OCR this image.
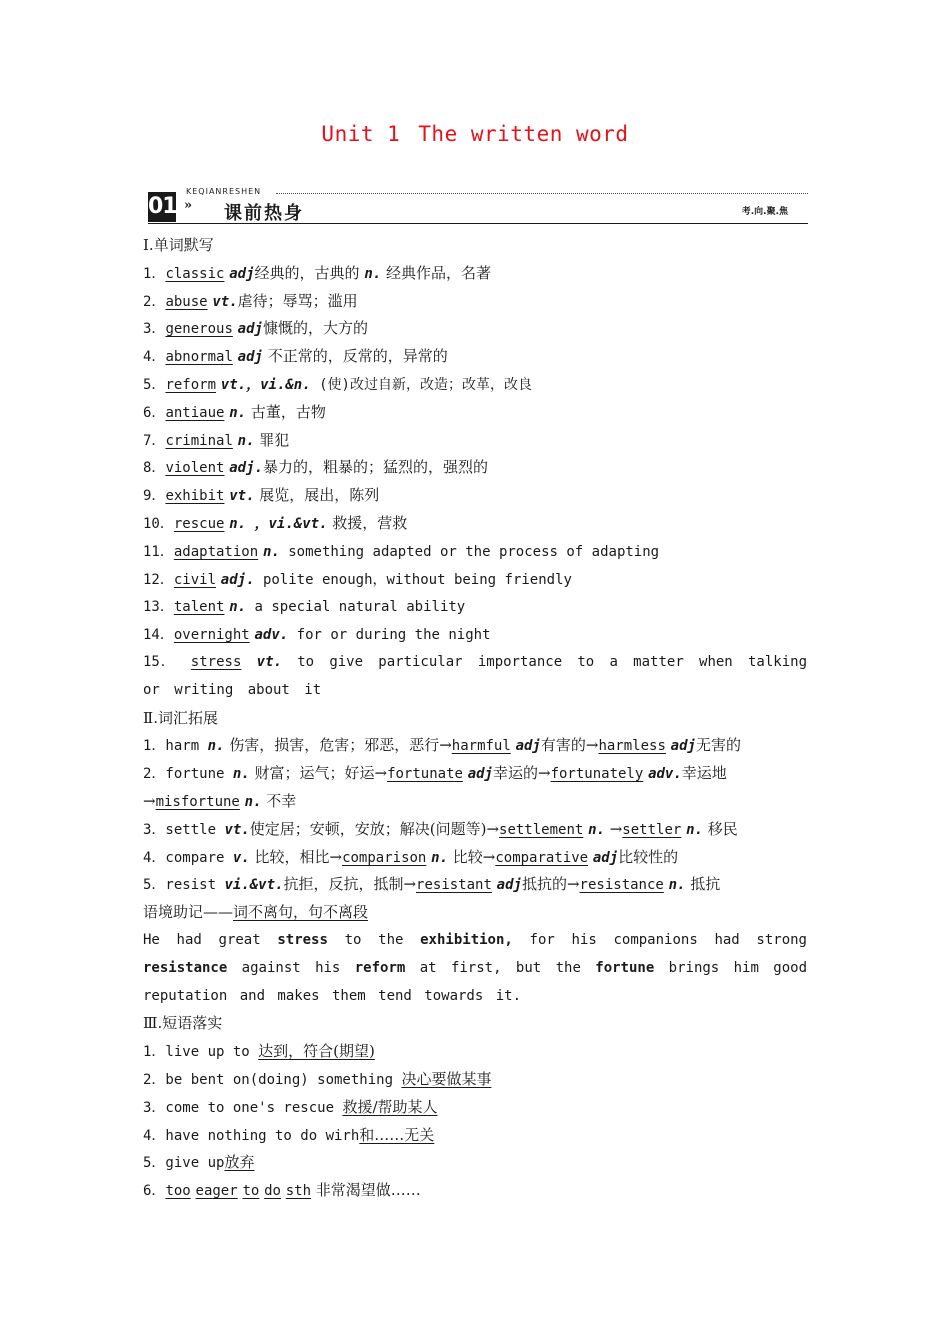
Unit 1 The written word
01
KEQIANRESHEN
» 课前热身	考.向.聚.焦
Ⅰ.单词默写
1．classic adj经典的，古典的 n. 经典作品，名著
2．abuse vt.虐待；辱骂；滥用
3．generous adj慷慨的，大方的
4．abnormal adj 不正常的，反常的，异常的
5．reform vt.，vi.&n. (使)改过自新，改造；改革，改良
6．antiaue n. 古董，古物
7．criminal n. 罪犯
8．violent adj.暴力的，粗暴的；猛烈的，强烈的
9．exhibit vt. 展览，展出，陈列
10．rescue n. ，vi.&vt. 救援，营救
11．adaptation n. something adapted or the process of adapting
12．civil adj. polite enough，without being friendly
13．talent n. a special natural ability
14．overnight adv. for or during the night
15． stress vt. to give particular importance to a matter when talking or writing about it
Ⅱ.词汇拓展
1．harm n. 伤害，损害，危害；邪恶，恶行→harmful adj有害的→harmless adj无害的
2．fortune n. 财富；运气；好运→fortunate adj幸运的→fortunately adv.幸运地
→misfortune n. 不幸
3．settle vt.使定居；安顿，安放；解决(问题等)→settlement n. →settler n. 移民
4．compare v. 比较，相比→comparison n. 比较→comparative adj比较性的
5．resist vi.&vt.抗拒，反抗，抵制→resistant adj抵抗的→resistance n. 抵抗
语境助记——词不离句，句不离段
He had great stress to the exhibition, for his companions had strong resistance against his reform at first, but the fortune brings him good reputation and makes them tend towards it.
Ⅲ.短语落实
1．live up to 达到，符合(期望)
2．be bent on(doing) something 决心要做某事
3．come to one's rescue 救援/帮助某人
4．have nothing to do wirh和……无关
5．give up放弃
6．too eager to do sth 非常渴望做……
